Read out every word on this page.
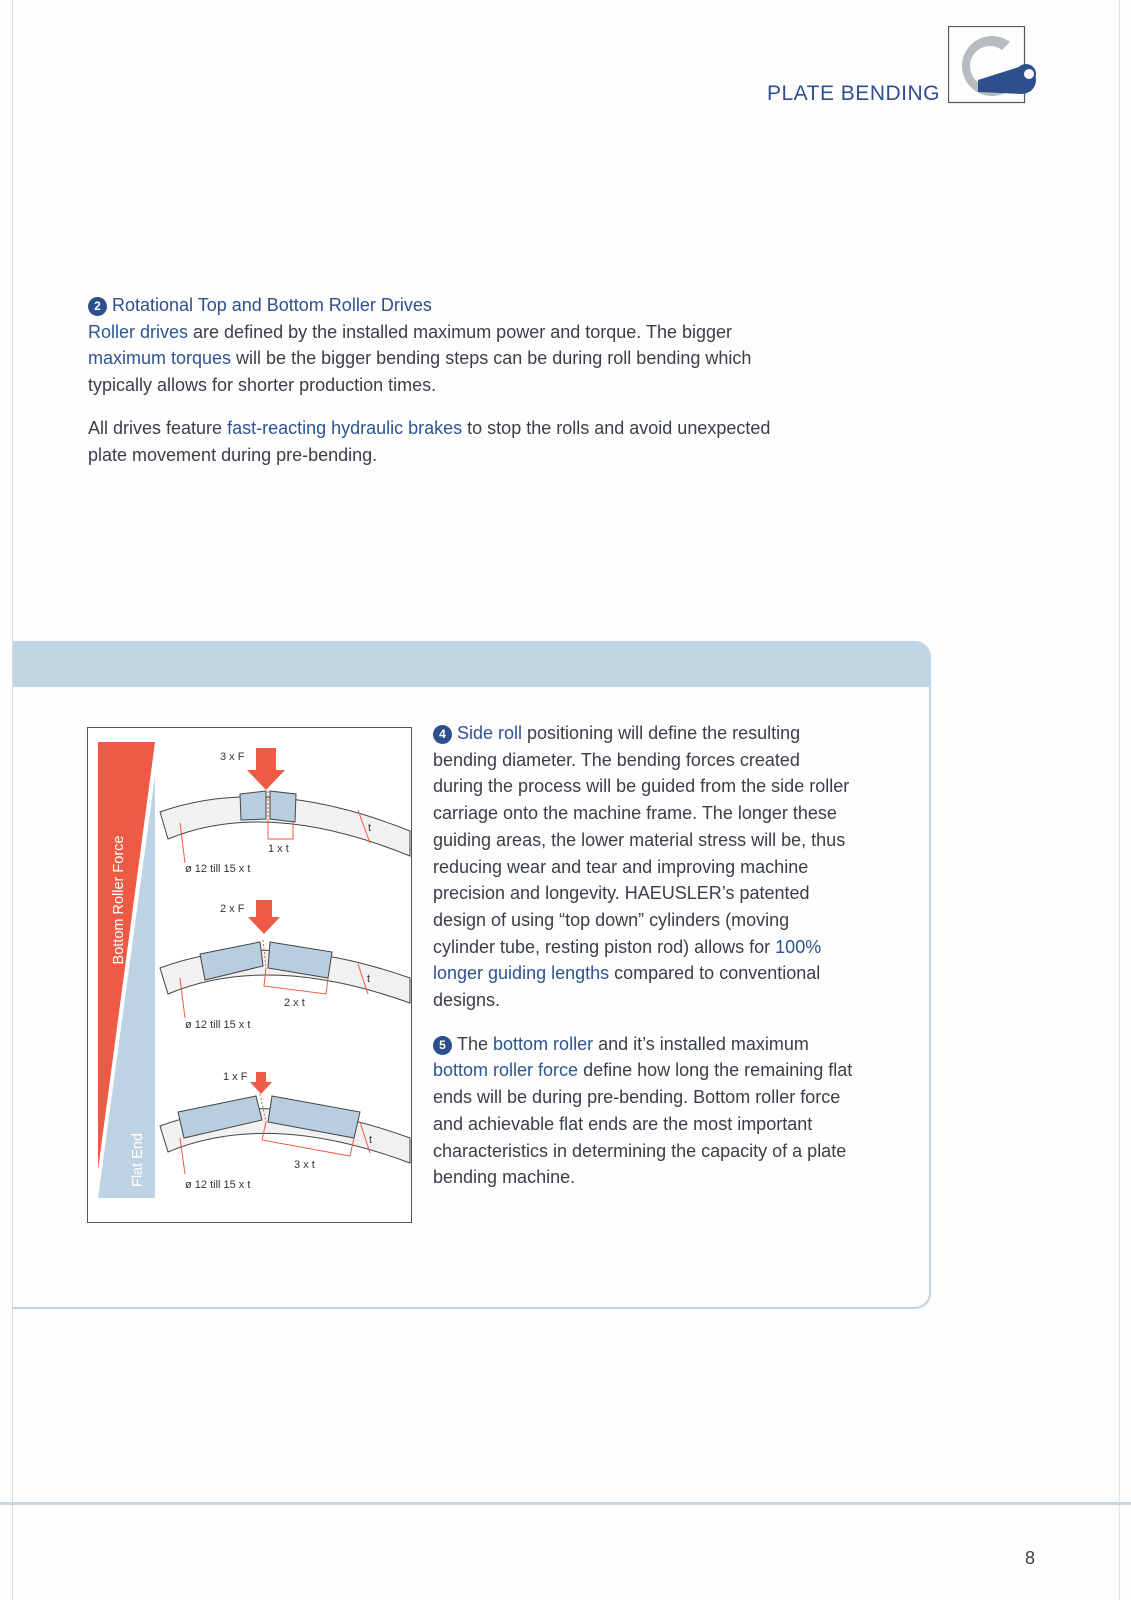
PLATE BENDING
2 Rotational Top and Bottom Roller Drives

Roller drives are defined by the installed maximum power and torque. The bigger maximum torques will be the bigger bending steps can be during roll bending which typically allows for shorter production times.

All drives feature fast-reacting hydraulic brakes to stop the rolls and avoid unexpected plate movement during pre-bending.

Bottom Roller Force
Flat End
3 x F
1 x t
t
ø 12 till 15 x t
2 x F
2 x t
t
ø 12 till 15 x t
1 x F
3 x t
t
ø 12 till 15 x t

4 Side roll positioning will define the resulting bending diameter. The bending forces created during the process will be guided from the side roller carriage onto the machine frame. The longer these guiding areas, the lower material stress will be, thus reducing wear and tear and improving machine precision and longevity. HAEUSLER’s patented design of using “top down” cylinders (moving cylinder tube, resting piston rod) allows for 100% longer guiding lengths compared to conventional designs.

5 The bottom roller and it’s installed maximum bottom roller force define how long the remaining flat ends will be during pre-bending. Bottom roller force and achievable flat ends are the most important characteristics in determining the capacity of a plate bending machine.

8
